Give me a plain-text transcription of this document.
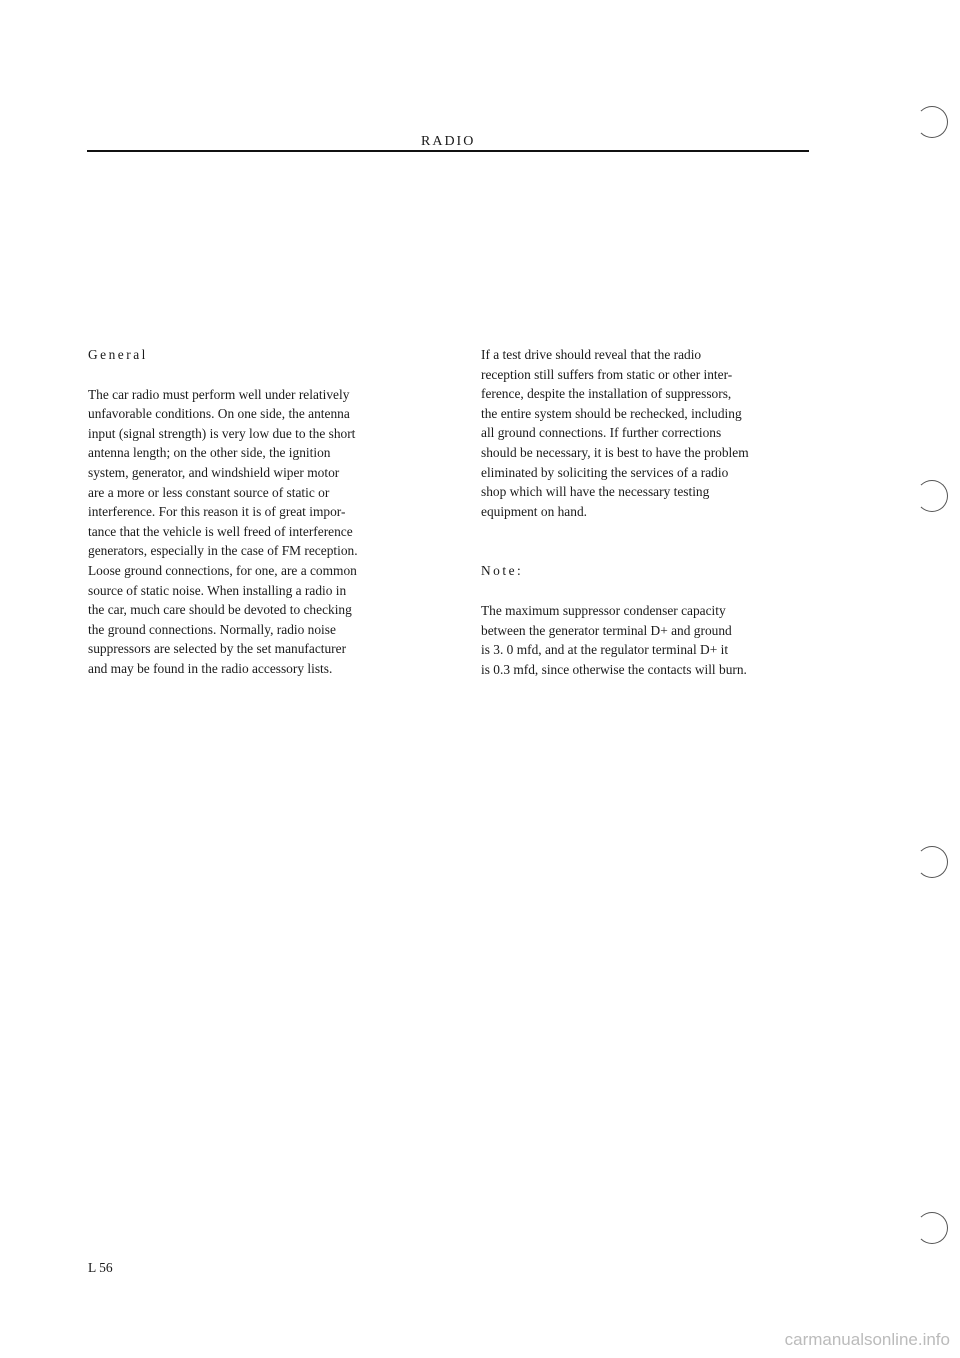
RADIO
General

The car radio must perform well under relatively
unfavorable conditions. On one side, the antenna
input (signal strength) is very low due to the short
antenna length; on the other side, the ignition
system, generator, and windshield wiper motor
are a more or less constant source of static or
interference. For this reason it is of great impor-
tance that the vehicle is well freed of interference
generators, especially in the case of FM reception.
Loose ground connections, for one, are a common
source of static noise. When installing a radio in
the car, much care should be devoted to checking
the ground connections. Normally, radio noise
suppressors are selected by the set manufacturer
and may be found in the radio accessory lists.

If a test drive should reveal that the radio
reception still suffers from static or other inter-
ference, despite the installation of suppressors,
the entire system should be rechecked, including
all ground connections. If further corrections
should be necessary, it is best to have the problem
eliminated by soliciting the services of a radio
shop which will have the necessary testing
equipment on hand.

Note:

The maximum suppressor condenser capacity
between the generator terminal D+ and ground
is 3. 0 mfd, and at the regulator terminal D+ it
is 0.3 mfd, since otherwise the contacts will burn.

L 56
carmanualsonline.info
